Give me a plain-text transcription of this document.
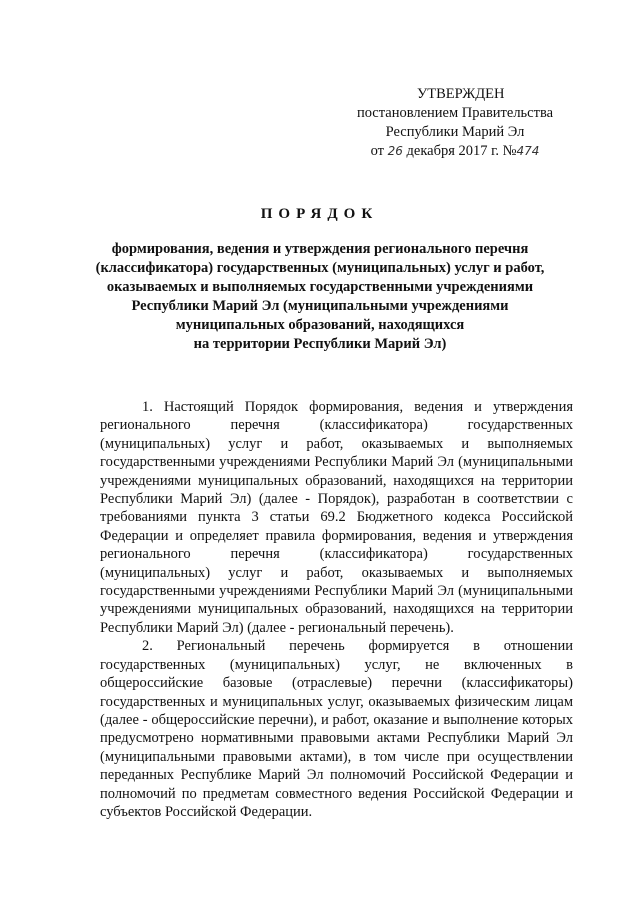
УТВЕРЖДЕН
постановлением Правительства
Республики Марий Эл
от 26 декабря 2017 г. №474
ПОРЯДОК
формирования, ведения и утверждения регионального перечня
(классификатора) государственных (муниципальных) услуг и работ,
оказываемых и выполняемых государственными учреждениями
Республики Марий Эл (муниципальными учреждениями
муниципальных образований, находящихся
на территории Республики Марий Эл)

1. Настоящий Порядок формирования, ведения и утверждения регионального перечня (классификатора) государственных (муниципальных) услуг и работ, оказываемых и выполняемых государственными учреждениями Республики Марий Эл (муниципальными учреждениями муниципальных образований, находящихся на территории Республики Марий Эл) (далее - Порядок), разработан в соответствии с требованиями пункта 3 статьи 69.2 Бюджетного кодекса Российской Федерации и определяет правила формирования, ведения и утверждения регионального перечня (классификатора) государственных (муниципальных) услуг и работ, оказываемых и выполняемых государственными учреждениями Республики Марий Эл (муниципальными учреждениями муниципальных образований, находящихся на территории Республики Марий Эл) (далее - региональный перечень).

2. Региональный перечень формируется в отношении государственных (муниципальных) услуг, не включенных в общероссийские базовые (отраслевые) перечни (классификаторы) государственных и муниципальных услуг, оказываемых физическим лицам (далее - общероссийские перечни), и работ, оказание и выполнение которых предусмотрено нормативными правовыми актами Республики Марий Эл (муниципальными правовыми актами), в том числе при осуществлении переданных Республике Марий Эл полномочий Российской Федерации и полномочий по предметам совместного ведения Российской Федерации и субъектов Российской Федерации.
